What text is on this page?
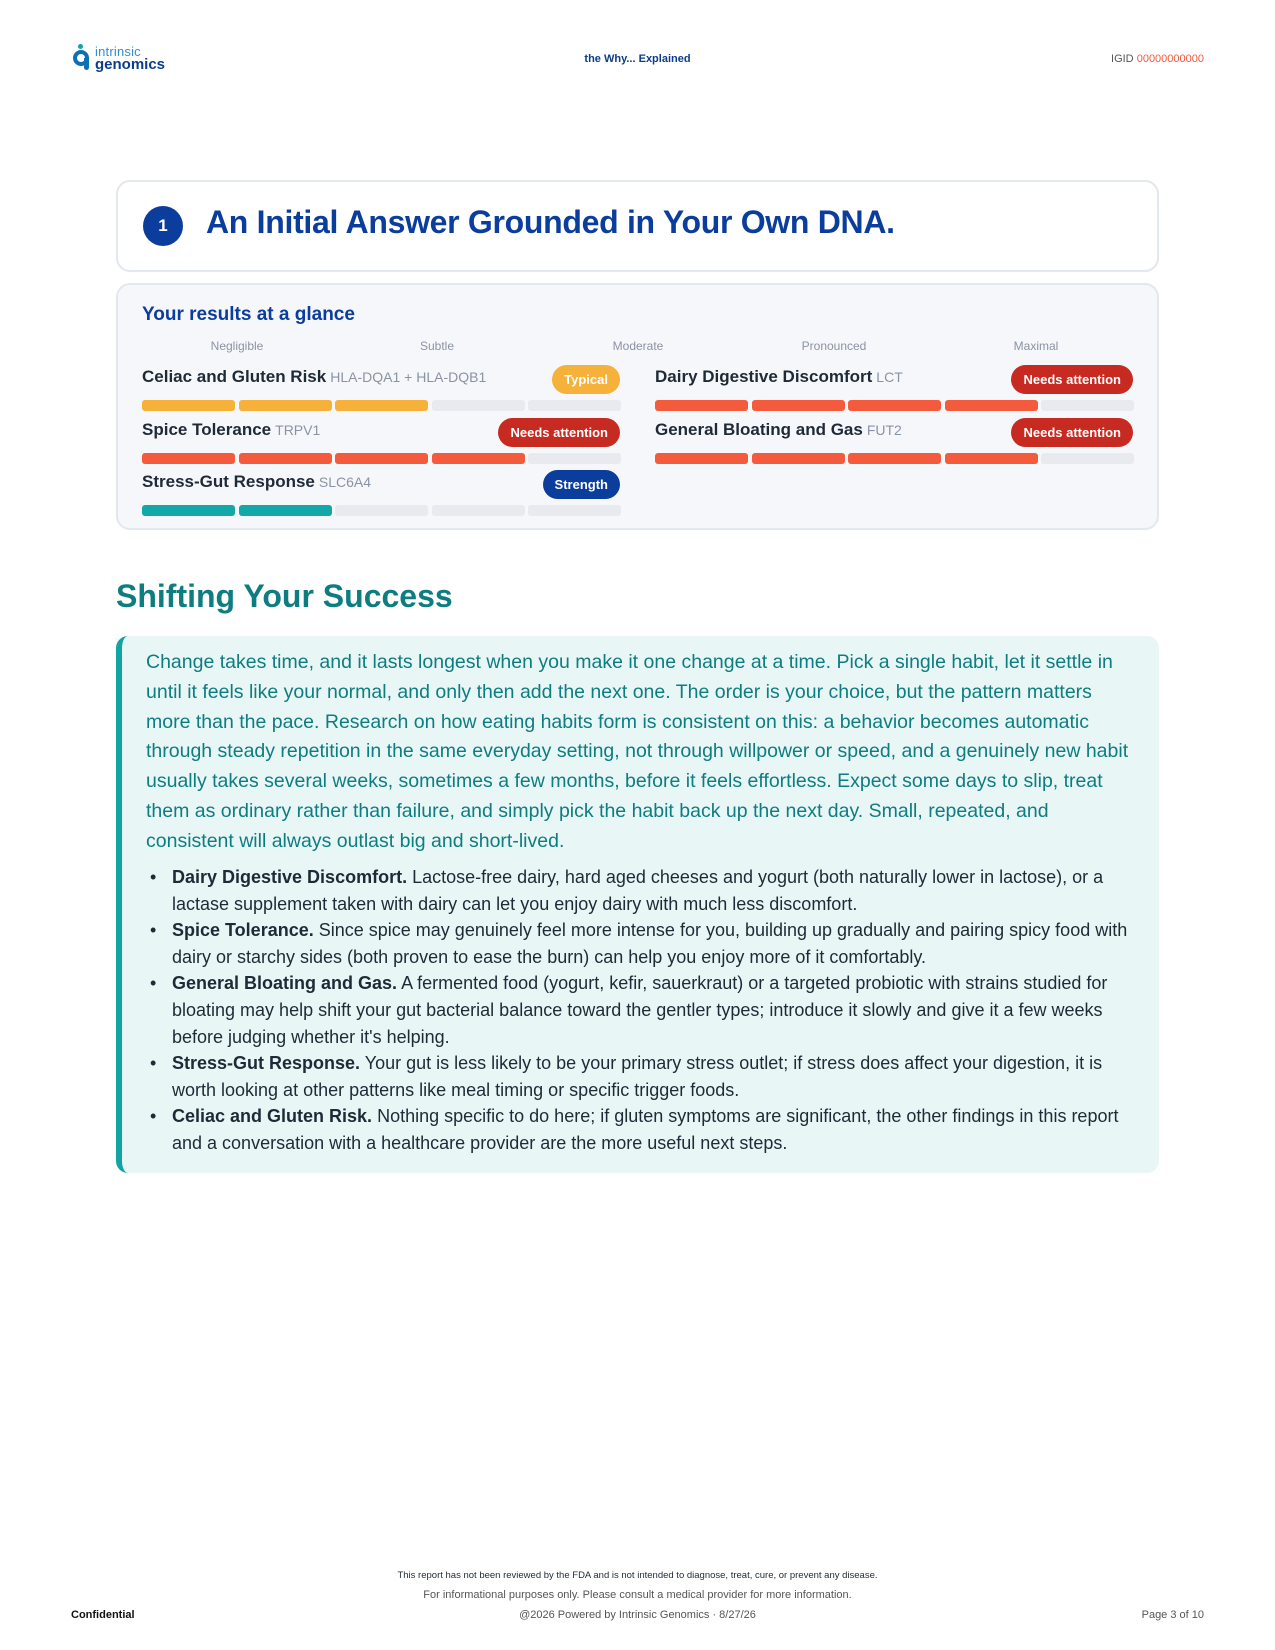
intrinsic
genomics	the Why... Explained	IGID 00000000000
1	An Initial Answer Grounded in Your Own DNA.
Your results at a glance
Negligible	Subtle	Moderate	Pronounced	Maximal
Celiac and Gluten Risk HLA-DQA1 + HLA-DQB1	Typical	Dairy Digestive Discomfort LCT	Needs attention
Spice Tolerance TRPV1	Needs attention	General Bloating and Gas FUT2	Needs attention
Stress-Gut Response SLC6A4	Strength
Shifting Your Success
Change takes time, and it lasts longest when you make it one change at a time. Pick a single habit, let it settle in until it feels like your normal, and only then add the next one. The order is your choice, but the pattern matters more than the pace. Research on how eating habits form is consistent on this: a behavior becomes automatic through steady repetition in the same everyday setting, not through willpower or speed, and a genuinely new habit usually takes several weeks, sometimes a few months, before it feels effortless. Expect some days to slip, treat them as ordinary rather than failure, and simply pick the habit back up the next day. Small, repeated, and consistent will always outlast big and short-lived.
• Dairy Digestive Discomfort. Lactose-free dairy, hard aged cheeses and yogurt (both naturally lower in lactose), or a lactase supplement taken with dairy can let you enjoy dairy with much less discomfort.
• Spice Tolerance. Since spice may genuinely feel more intense for you, building up gradually and pairing spicy food with dairy or starchy sides (both proven to ease the burn) can help you enjoy more of it comfortably.
• General Bloating and Gas. A fermented food (yogurt, kefir, sauerkraut) or a targeted probiotic with strains studied for bloating may help shift your gut bacterial balance toward the gentler types; introduce it slowly and give it a few weeks before judging whether it's helping.
• Stress-Gut Response. Your gut is less likely to be your primary stress outlet; if stress does affect your digestion, it is worth looking at other patterns like meal timing or specific trigger foods.
• Celiac and Gluten Risk. Nothing specific to do here; if gluten symptoms are significant, the other findings in this report and a conversation with a healthcare provider are the more useful next steps.
This report has not been reviewed by the FDA and is not intended to diagnose, treat, cure, or prevent any disease.
For informational purposes only. Please consult a medical provider for more information.
@2026 Powered by Intrinsic Genomics · 8/27/26
Confidential	Page 3 of 10
